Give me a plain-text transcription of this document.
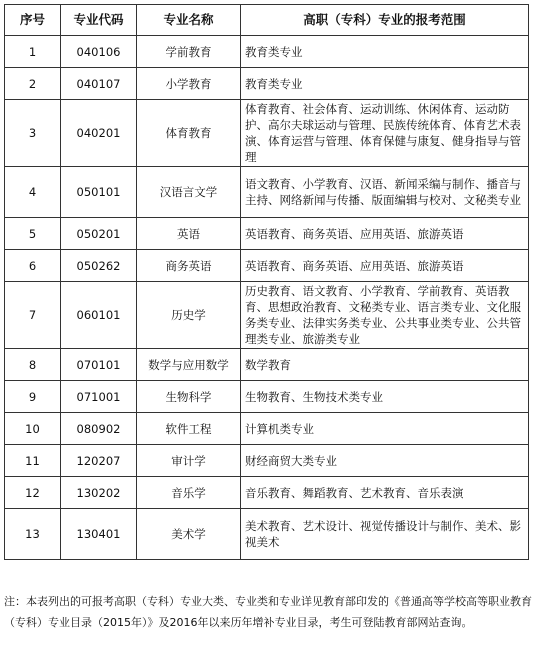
序号	专业代码	专业名称	高职（专科）专业的报考范围
1	040106	学前教育	教育类专业
2	040107	小学教育	教育类专业
3	040201	体育教育	体育教育、社会体育、运动训练、休闲体育、运动防护、高尔夫球运动与管理、民族传统体育、体育艺术表演、体育运营与管理、体育保健与康复、健身指导与管理
4	050101	汉语言文学	语文教育、小学教育、汉语、新闻采编与制作、播音与主持、网络新闻与传播、版面编辑与校对、文秘类专业
5	050201	英语	英语教育、商务英语、应用英语、旅游英语
6	050262	商务英语	英语教育、商务英语、应用英语、旅游英语
7	060101	历史学	历史教育、语文教育、小学教育、学前教育、英语教育、思想政治教育、文秘类专业、语言类专业、文化服务类专业、法律实务类专业、公共事业类专业、公共管理类专业、旅游类专业
8	070101	数学与应用数学	数学教育
9	071001	生物科学	生物教育、生物技术类专业
10	080902	软件工程	计算机类专业
11	120207	审计学	财经商贸大类专业
12	130202	音乐学	音乐教育、舞蹈教育、艺术教育、音乐表演
13	130401	美术学	美术教育、艺术设计、视觉传播设计与制作、美术、影视美术

注：本表列出的可报考高职（专科）专业大类、专业类和专业详见教育部印发的《普通高等学校高等职业教育（专科）专业目录（2015年）》及2016年以来历年增补专业目录，考生可登陆教育部网站查询。
